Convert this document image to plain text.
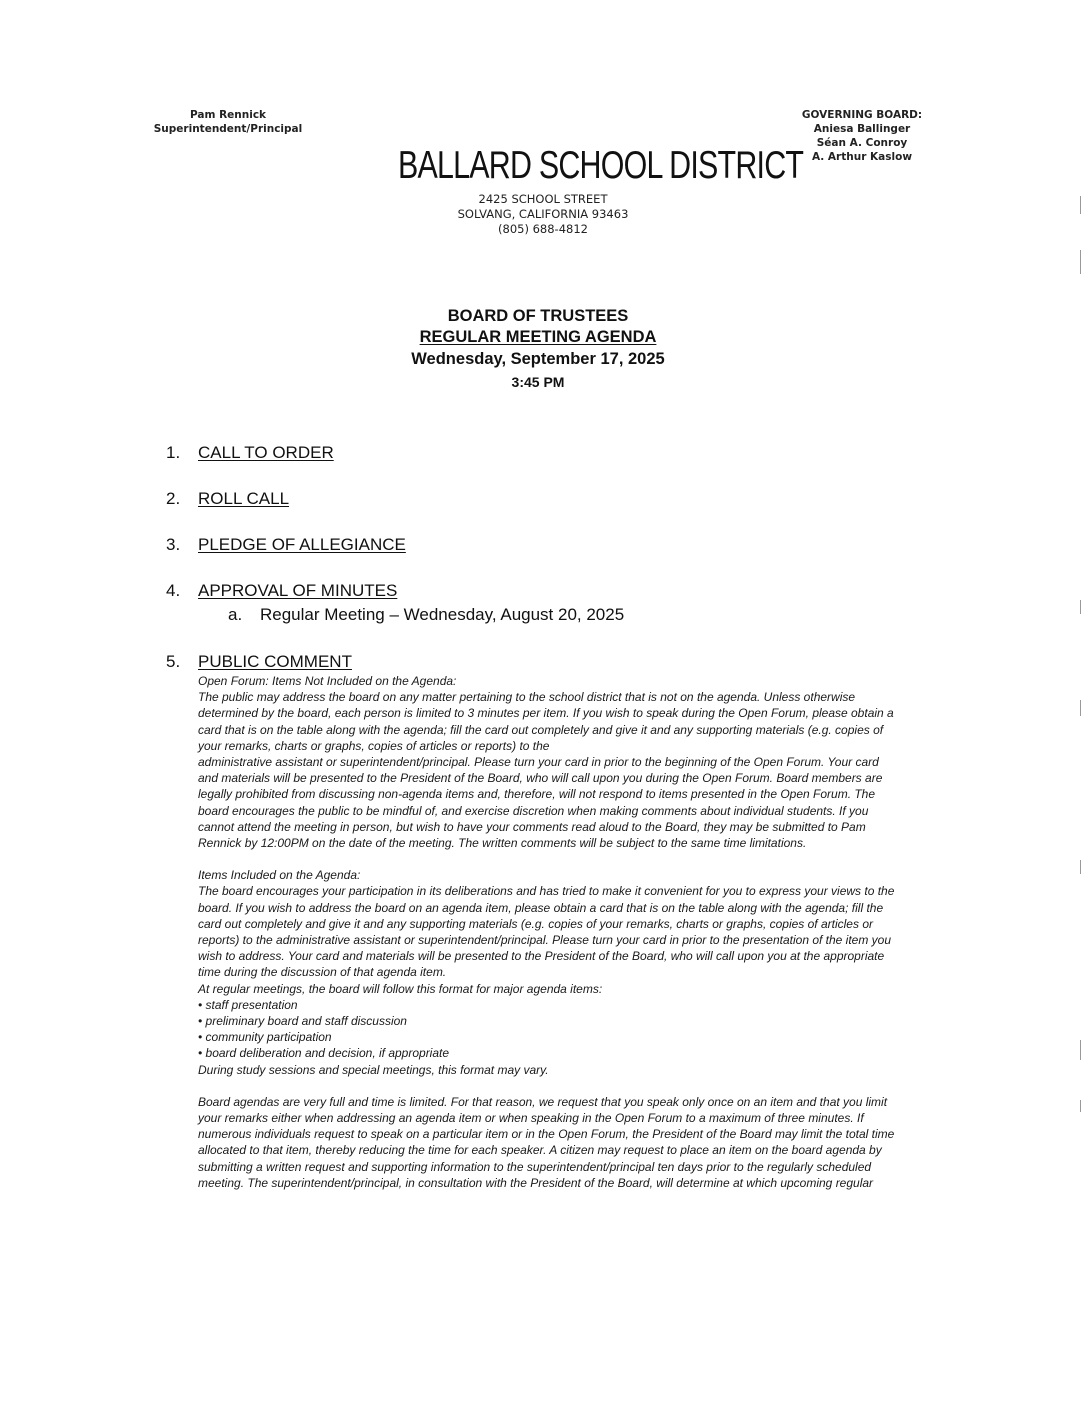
Pam Rennick
Superintendent/Principal
GOVERNING BOARD:
Aniesa Ballinger
Séan A. Conroy
A. Arthur Kaslow
BALLARD SCHOOL DISTRICT
2425 SCHOOL STREET
SOLVANG, CALIFORNIA 93463
(805) 688-4812
BOARD OF TRUSTEES
REGULAR MEETING AGENDA
Wednesday, September 17, 2025
3:45 PM
1. CALL TO ORDER
2. ROLL CALL
3. PLEDGE OF ALLEGIANCE
4. APPROVAL OF MINUTES
a. Regular Meeting – Wednesday, August 20, 2025
5. PUBLIC COMMENT

Open Forum: Items Not Included on the Agenda:

The public may address the board on any matter pertaining to the school district that is not on the agenda. Unless otherwise

determined by the board, each person is limited to 3 minutes per item. If you wish to speak during the Open Forum, please obtain a

card that is on the table along with the agenda; fill the card out completely and give it and any supporting materials (e.g. copies of

your remarks, charts or graphs, copies of articles or reports) to the

administrative assistant or superintendent/principal. Please turn your card in prior to the beginning of the Open Forum. Your card

and materials will be presented to the President of the Board, who will call upon you during the Open Forum. Board members are

legally prohibited from discussing non-agenda items and, therefore, will not respond to items presented in the Open Forum. The

board encourages the public to be mindful of, and exercise discretion when making comments about individual students. If you

cannot attend the meeting in person, but wish to have your comments read aloud to the Board, they may be submitted to Pam

Rennick by 12:00PM on the date of the meeting. The written comments will be subject to the same time limitations.

Items Included on the Agenda:

The board encourages your participation in its deliberations and has tried to make it convenient for you to express your views to the

board. If you wish to address the board on an agenda item, please obtain a card that is on the table along with the agenda; fill the

card out completely and give it and any supporting materials (e.g. copies of your remarks, charts or graphs, copies of articles or

reports) to the administrative assistant or superintendent/principal. Please turn your card in prior to the presentation of the item you

wish to address. Your card and materials will be presented to the President of the Board, who will call upon you at the appropriate

time during the discussion of that agenda item.

At regular meetings, the board will follow this format for major agenda items:

• staff presentation

• preliminary board and staff discussion

• community participation

• board deliberation and decision, if appropriate

During study sessions and special meetings, this format may vary.

Board agendas are very full and time is limited. For that reason, we request that you speak only once on an item and that you limit

your remarks either when addressing an agenda item or when speaking in the Open Forum to a maximum of three minutes. If

numerous individuals request to speak on a particular item or in the Open Forum, the President of the Board may limit the total time

allocated to that item, thereby reducing the time for each speaker. A citizen may request to place an item on the board agenda by

submitting a written request and supporting information to the superintendent/principal ten days prior to the regularly scheduled

meeting. The superintendent/principal, in consultation with the President of the Board, will determine at which upcoming regular
